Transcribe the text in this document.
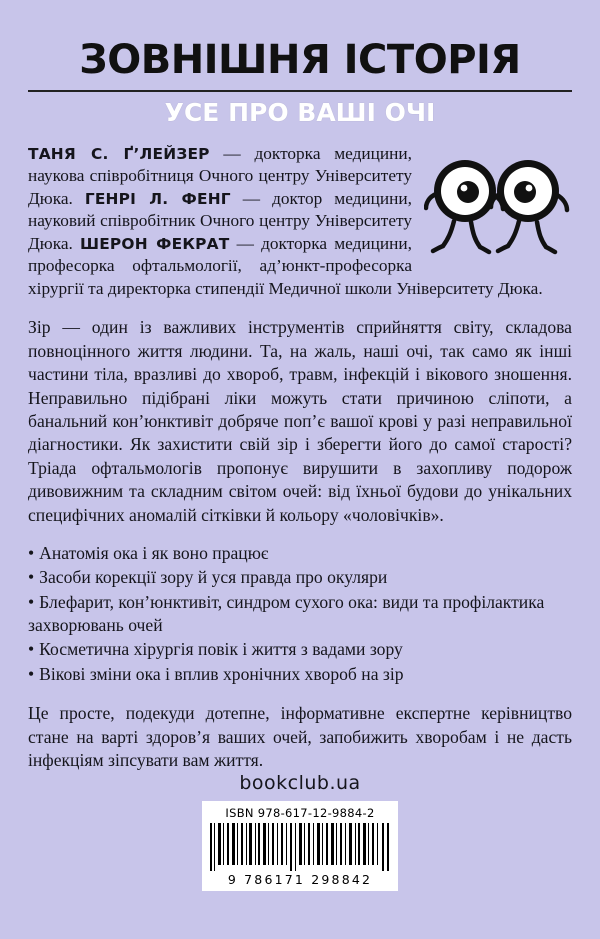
ЗОВНІШНЯ ІСТОРІЯ
УСЕ ПРО ВАШІ ОЧІ
ТАНЯ С. Ґ’ЛЕЙЗЕР — докторка медицини, наукова співробітниця Очного центру Університету Дюка. ГЕНРІ Л. ФЕНГ — доктор медицини, науковий співробітник Очного центру Університету Дюка. ШЕРОН ФЕКРАТ — докторка медицини, професорка офтальмології, ад’юнкт-професорка хірургії та директорка стипендії Медичної школи Університету Дюка.
Зір — один із важливих інструментів сприйняття світу, складова повноцінного життя людини. Та, на жаль, наші очі, так само як інші частини тіла, вразливі до хвороб, травм, інфекцій і вікового зношення. Неправильно підібрані ліки можуть стати причиною сліпоти, а банальний кон’юнктивіт добряче поп’є вашої крові у разі неправильної діагностики. Як захистити свій зір і зберегти його до самої старості? Тріада офтальмологів пропонує вирушити в захопливу подорож дивовижним та складним світом очей: від їхньої будови до унікальних специфічних аномалій сітківки й кольору «чоловічків».
• Анатомія ока і як воно працює
• Засоби корекції зору й уся правда про окуляри
• Блефарит, кон’юнктивіт, синдром сухого ока: види та профілактика захворювань очей
• Косметична хірургія повік і життя з вадами зору
• Вікові зміни ока і вплив хронічних хвороб на зір
Це просте, подекуди дотепне, інформативне експертне керівництво стане на варті здоров’я ваших очей, запобижить хворобам і не дасть інфекціям зіпсувати вам життя.
bookclub.ua
ISBN 978-617-12-9884-2
9 786171 298842
